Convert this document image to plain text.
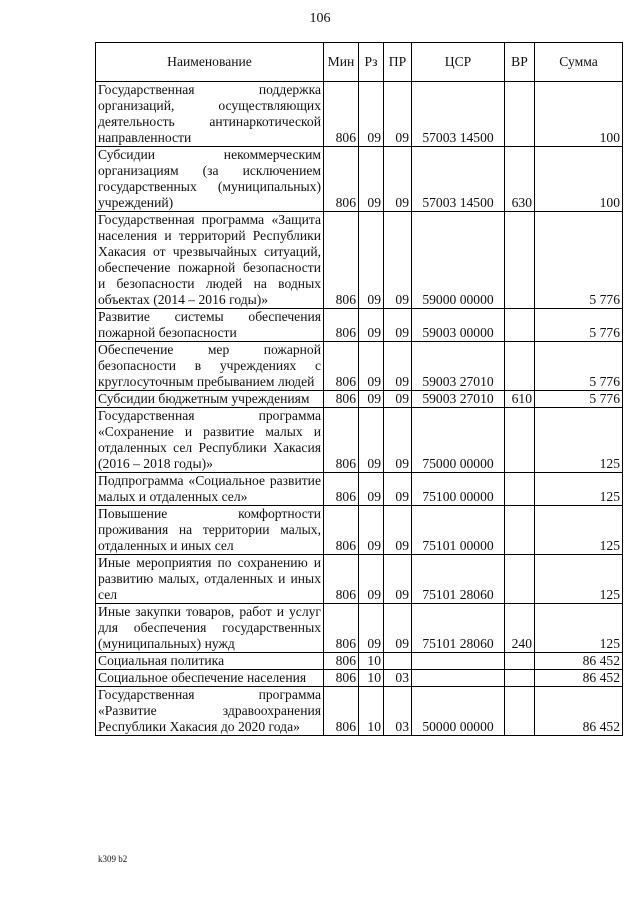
106
Наименование	Мин	Рз	ПР	ЦСР	ВР	Сумма
Государственная поддержка организаций, осуществляющих деятельность антинаркотической направленности	806	09	09	57003 14500		100
Субсидии некоммерческим организациям (за исключением государственных (муниципальных) учреждений)	806	09	09	57003 14500	630	100
Государственная программа «Защита населения и территорий Республики Хакасия от чрезвычайных ситуаций, обеспечение пожарной безопасности и безопасности людей на водных объектах (2014 – 2016 годы)»	806	09	09	59000 00000		5 776
Развитие системы обеспечения пожарной безопасности	806	09	09	59003 00000		5 776
Обеспечение мер пожарной безопасности в учреждениях с круглосуточным пребыванием людей	806	09	09	59003 27010		5 776
Субсидии бюджетным учреждениям	806	09	09	59003 27010	610	5 776
Государственная программа «Сохранение и развитие малых и отдаленных сел Республики Хакасия (2016 – 2018 годы)»	806	09	09	75000 00000		125
Подпрограмма «Социальное развитие малых и отдаленных сел»	806	09	09	75100 00000		125
Повышение комфортности проживания на территории малых, отдаленных и иных сел	806	09	09	75101 00000		125
Иные мероприятия по сохранению и развитию малых, отдаленных и иных сел	806	09	09	75101 28060		125
Иные закупки товаров, работ и услуг для обеспечения государственных (муниципальных) нужд	806	09	09	75101 28060	240	125
Социальная политика	806	10				86 452
Социальное обеспечение населения	806	10	03			86 452
Государственная программа «Развитие здравоохранения Республики Хакасия до 2020 года»	806	10	03	50000 00000		86 452
k309 b2
